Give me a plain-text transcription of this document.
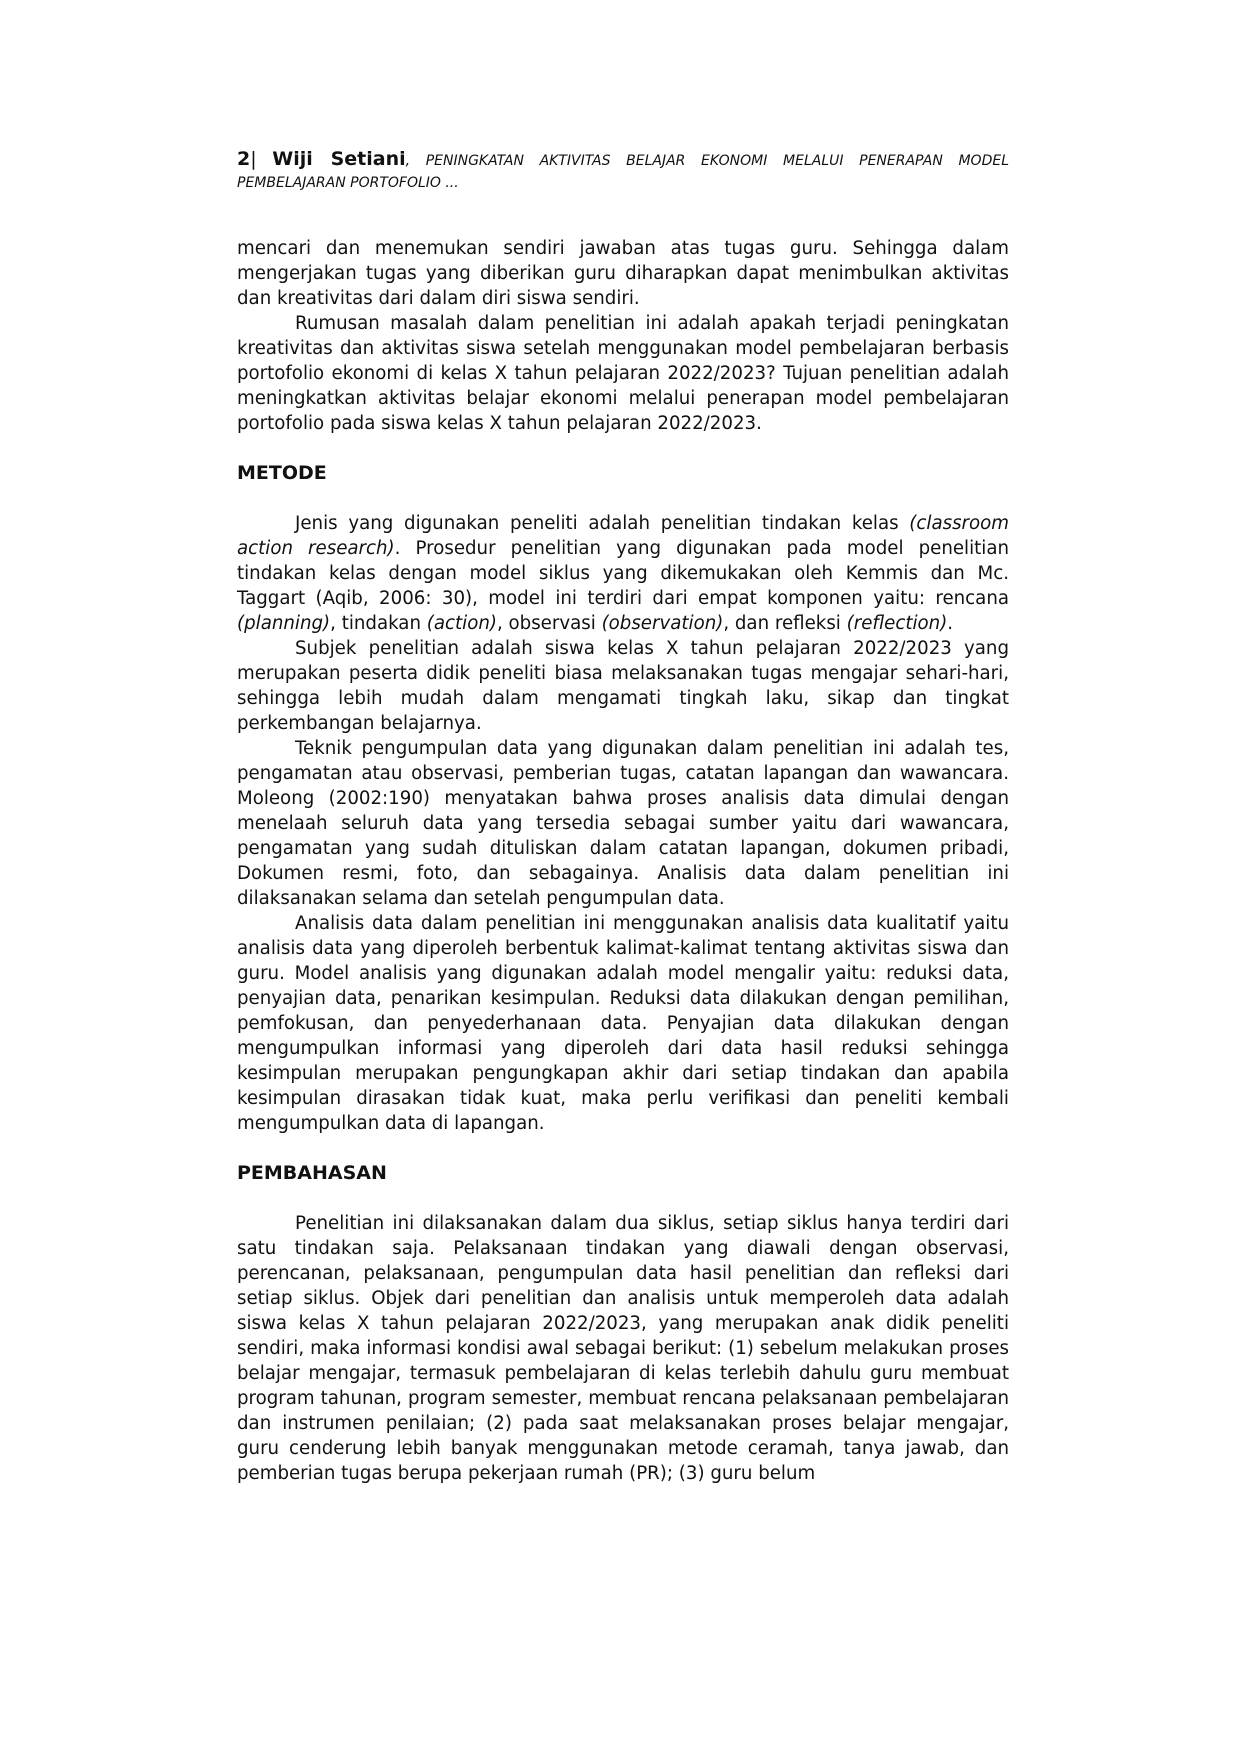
2| Wiji Setiani, PENINGKATAN AKTIVITAS BELAJAR EKONOMI MELALUI PENERAPAN MODEL PEMBELAJARAN PORTOFOLIO ...

mencari dan menemukan sendiri jawaban atas tugas guru. Sehingga dalam mengerjakan tugas yang diberikan guru diharapkan dapat menimbulkan aktivitas dan kreativitas dari dalam diri siswa sendiri.

Rumusan masalah dalam penelitian ini adalah apakah terjadi peningkatan kreativitas dan aktivitas siswa setelah menggunakan model pembelajaran berbasis portofolio ekonomi di kelas X tahun pelajaran 2022/2023? Tujuan penelitian adalah meningkatkan aktivitas belajar ekonomi melalui penerapan model pembelajaran portofolio pada siswa kelas X tahun pelajaran 2022/2023.

METODE

Jenis yang digunakan peneliti adalah penelitian tindakan kelas (classroom action research). Prosedur penelitian yang digunakan pada model penelitian tindakan kelas dengan model siklus yang dikemukakan oleh Kemmis dan Mc. Taggart (Aqib, 2006: 30), model ini terdiri dari empat komponen yaitu: rencana (planning), tindakan (action), observasi (observation), dan refleksi (reflection).

Subjek penelitian adalah siswa kelas X tahun pelajaran 2022/2023 yang merupakan peserta didik peneliti biasa melaksanakan tugas mengajar sehari-hari, sehingga lebih mudah dalam mengamati tingkah laku, sikap dan tingkat perkembangan belajarnya.

Teknik pengumpulan data yang digunakan dalam penelitian ini adalah tes, pengamatan atau observasi, pemberian tugas, catatan lapangan dan wawancara. Moleong (2002:190) menyatakan bahwa proses analisis data dimulai dengan menelaah seluruh data yang tersedia sebagai sumber yaitu dari wawancara, pengamatan yang sudah dituliskan dalam catatan lapangan, dokumen pribadi, Dokumen resmi, foto, dan sebagainya. Analisis data dalam penelitian ini dilaksanakan selama dan setelah pengumpulan data.

Analisis data dalam penelitian ini menggunakan analisis data kualitatif yaitu analisis data yang diperoleh berbentuk kalimat-kalimat tentang aktivitas siswa dan guru. Model analisis yang digunakan adalah model mengalir yaitu: reduksi data, penyajian data, penarikan kesimpulan. Reduksi data dilakukan dengan pemilihan, pemfokusan, dan penyederhanaan data. Penyajian data dilakukan dengan mengumpulkan informasi yang diperoleh dari data hasil reduksi sehingga kesimpulan merupakan pengungkapan akhir dari setiap tindakan dan apabila kesimpulan dirasakan tidak kuat, maka perlu verifikasi dan peneliti kembali mengumpulkan data di lapangan.

PEMBAHASAN

Penelitian ini dilaksanakan dalam dua siklus, setiap siklus hanya terdiri dari satu tindakan saja. Pelaksanaan tindakan yang diawali dengan observasi, perencanan, pelaksanaan, pengumpulan data hasil penelitian dan refleksi dari setiap siklus. Objek dari penelitian dan analisis untuk memperoleh data adalah siswa kelas X tahun pelajaran 2022/2023, yang merupakan anak didik peneliti sendiri, maka informasi kondisi awal sebagai berikut: (1) sebelum melakukan proses belajar mengajar, termasuk pembelajaran di kelas terlebih dahulu guru membuat program tahunan, program semester, membuat rencana pelaksanaan pembelajaran dan instrumen penilaian; (2) pada saat melaksanakan proses belajar mengajar, guru cenderung lebih banyak menggunakan metode ceramah, tanya jawab, dan pemberian tugas berupa pekerjaan rumah (PR); (3) guru belum
